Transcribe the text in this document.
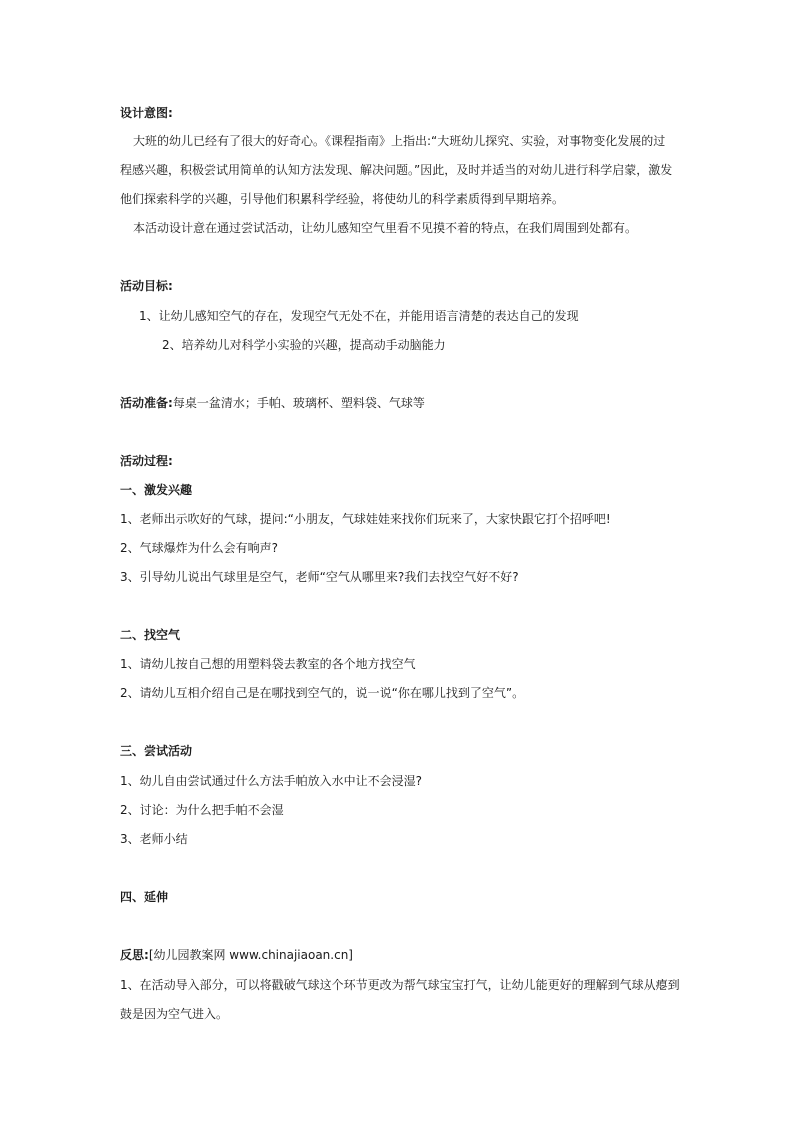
设计意图:
大班的幼儿已经有了很大的好奇心。《课程指南》上指出:“大班幼儿探究、实验，对事物变化发展的过
程感兴趣，积极尝试用简单的认知方法发现、解决问题。”因此，及时并适当的对幼儿进行科学启蒙，激发
他们探索科学的兴趣，引导他们积累科学经验，将使幼儿的科学素质得到早期培养。
本活动设计意在通过尝试活动，让幼儿感知空气里看不见摸不着的特点，在我们周围到处都有。
活动目标:
1、让幼儿感知空气的存在，发现空气无处不在，并能用语言清楚的表达自己的发现
2、培养幼儿对科学小实验的兴趣，提高动手动脑能力
活动准备:每桌一盆清水；手帕、玻璃杯、塑料袋、气球等
活动过程:
一、激发兴趣
1、老师出示吹好的气球，提问:“小朋友，气球娃娃来找你们玩来了，大家快跟它打个招呼吧!
2、气球爆炸为什么会有响声?
3、引导幼儿说出气球里是空气，老师“空气从哪里来?我们去找空气好不好?
二、找空气
1、请幼儿按自己想的用塑料袋去教室的各个地方找空气
2、请幼儿互相介绍自己是在哪找到空气的，说一说“你在哪儿找到了空气”。
三、尝试活动
1、幼儿自由尝试通过什么方法手帕放入水中让不会浸湿?
2、讨论：为什么把手帕不会湿
3、老师小结
四、延伸
反思:[幼儿园教案网 www.chinajiaoan.cn]
1、在活动导入部分，可以将戳破气球这个环节更改为帮气球宝宝打气，让幼儿能更好的理解到气球从瘪到
鼓是因为空气进入。
